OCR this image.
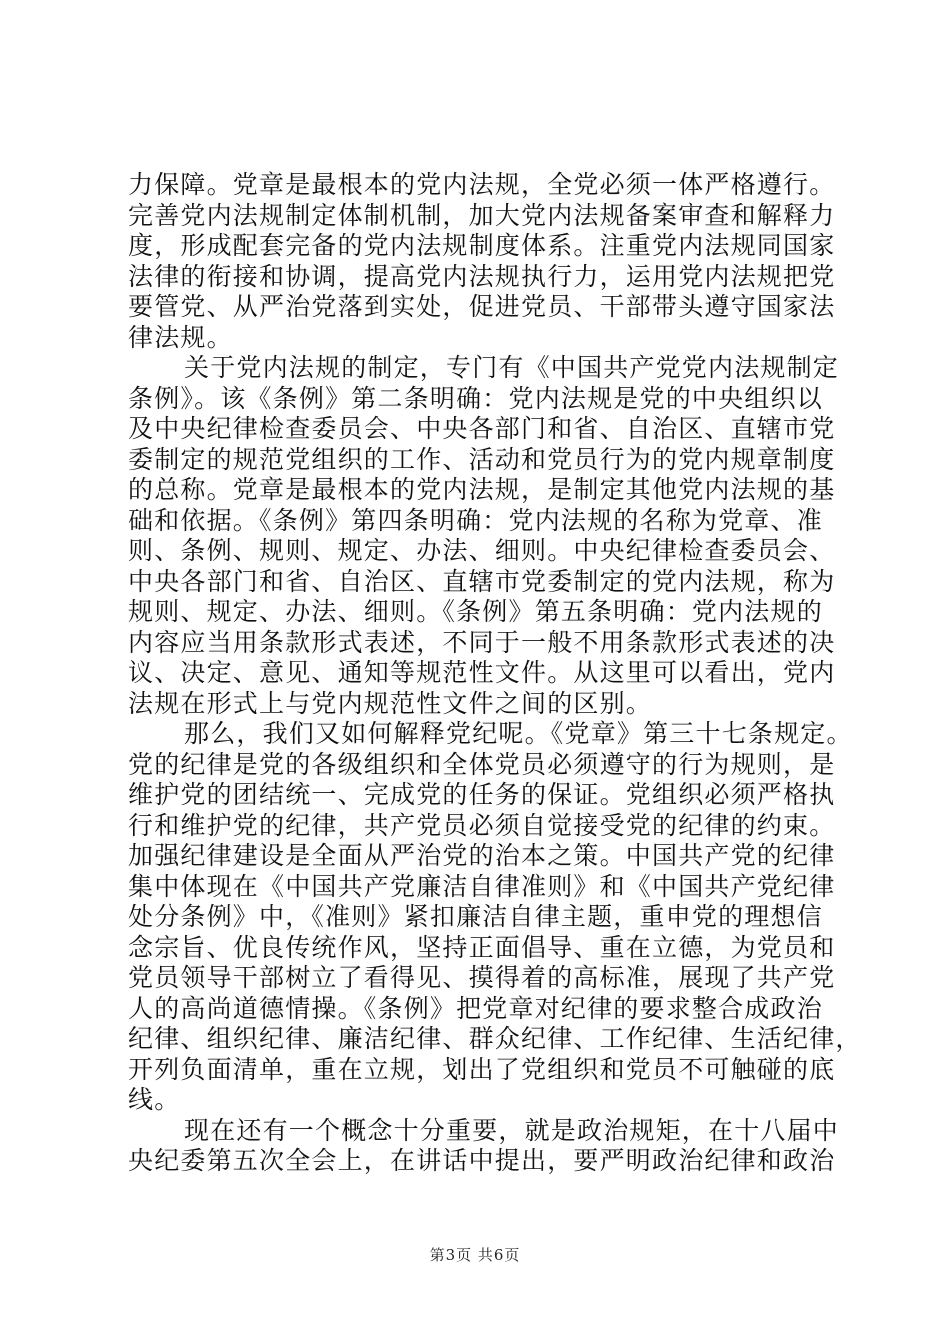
力保障。党章是最根本的党内法规，全党必须一体严格遵行。
完善党内法规制定体制机制，加大党内法规备案审查和解释力
度，形成配套完备的党内法规制度体系。注重党内法规同国家
法律的衔接和协调，提高党内法规执行力，运用党内法规把党
要管党、从严治党落到实处，促进党员、干部带头遵守国家法
律法规。
关于党内法规的制定，专门有《中国共产党党内法规制定
条例》。该《条例》第二条明确：党内法规是党的中央组织以
及中央纪律检查委员会、中央各部门和省、自治区、直辖市党
委制定的规范党组织的工作、活动和党员行为的党内规章制度
的总称。党章是最根本的党内法规，是制定其他党内法规的基
础和依据。《条例》第四条明确：党内法规的名称为党章、准
则、条例、规则、规定、办法、细则。中央纪律检查委员会、
中央各部门和省、自治区、直辖市党委制定的党内法规，称为
规则、规定、办法、细则。《条例》第五条明确：党内法规的
内容应当用条款形式表述，不同于一般不用条款形式表述的决
议、决定、意见、通知等规范性文件。从这里可以看出，党内
法规在形式上与党内规范性文件之间的区别。
那么，我们又如何解释党纪呢。《党章》第三十七条规定。
党的纪律是党的各级组织和全体党员必须遵守的行为规则，是
维护党的团结统一、完成党的任务的保证。党组织必须严格执
行和维护党的纪律，共产党员必须自觉接受党的纪律的约束。
加强纪律建设是全面从严治党的治本之策。中国共产党的纪律
集中体现在《中国共产党廉洁自律准则》和《中国共产党纪律
处分条例》中，《准则》紧扣廉洁自律主题，重申党的理想信
念宗旨、优良传统作风，坚持正面倡导、重在立德，为党员和
党员领导干部树立了看得见、摸得着的高标准，展现了共产党
人的高尚道德情操。《条例》把党章对纪律的要求整合成政治
纪律、组织纪律、廉洁纪律、群众纪律、工作纪律、生活纪律，
开列负面清单，重在立规，划出了党组织和党员不可触碰的底
线。
现在还有一个概念十分重要，就是政治规矩，在十八届中
央纪委第五次全会上，在讲话中提出，要严明政治纪律和政治
第3页 共6页
